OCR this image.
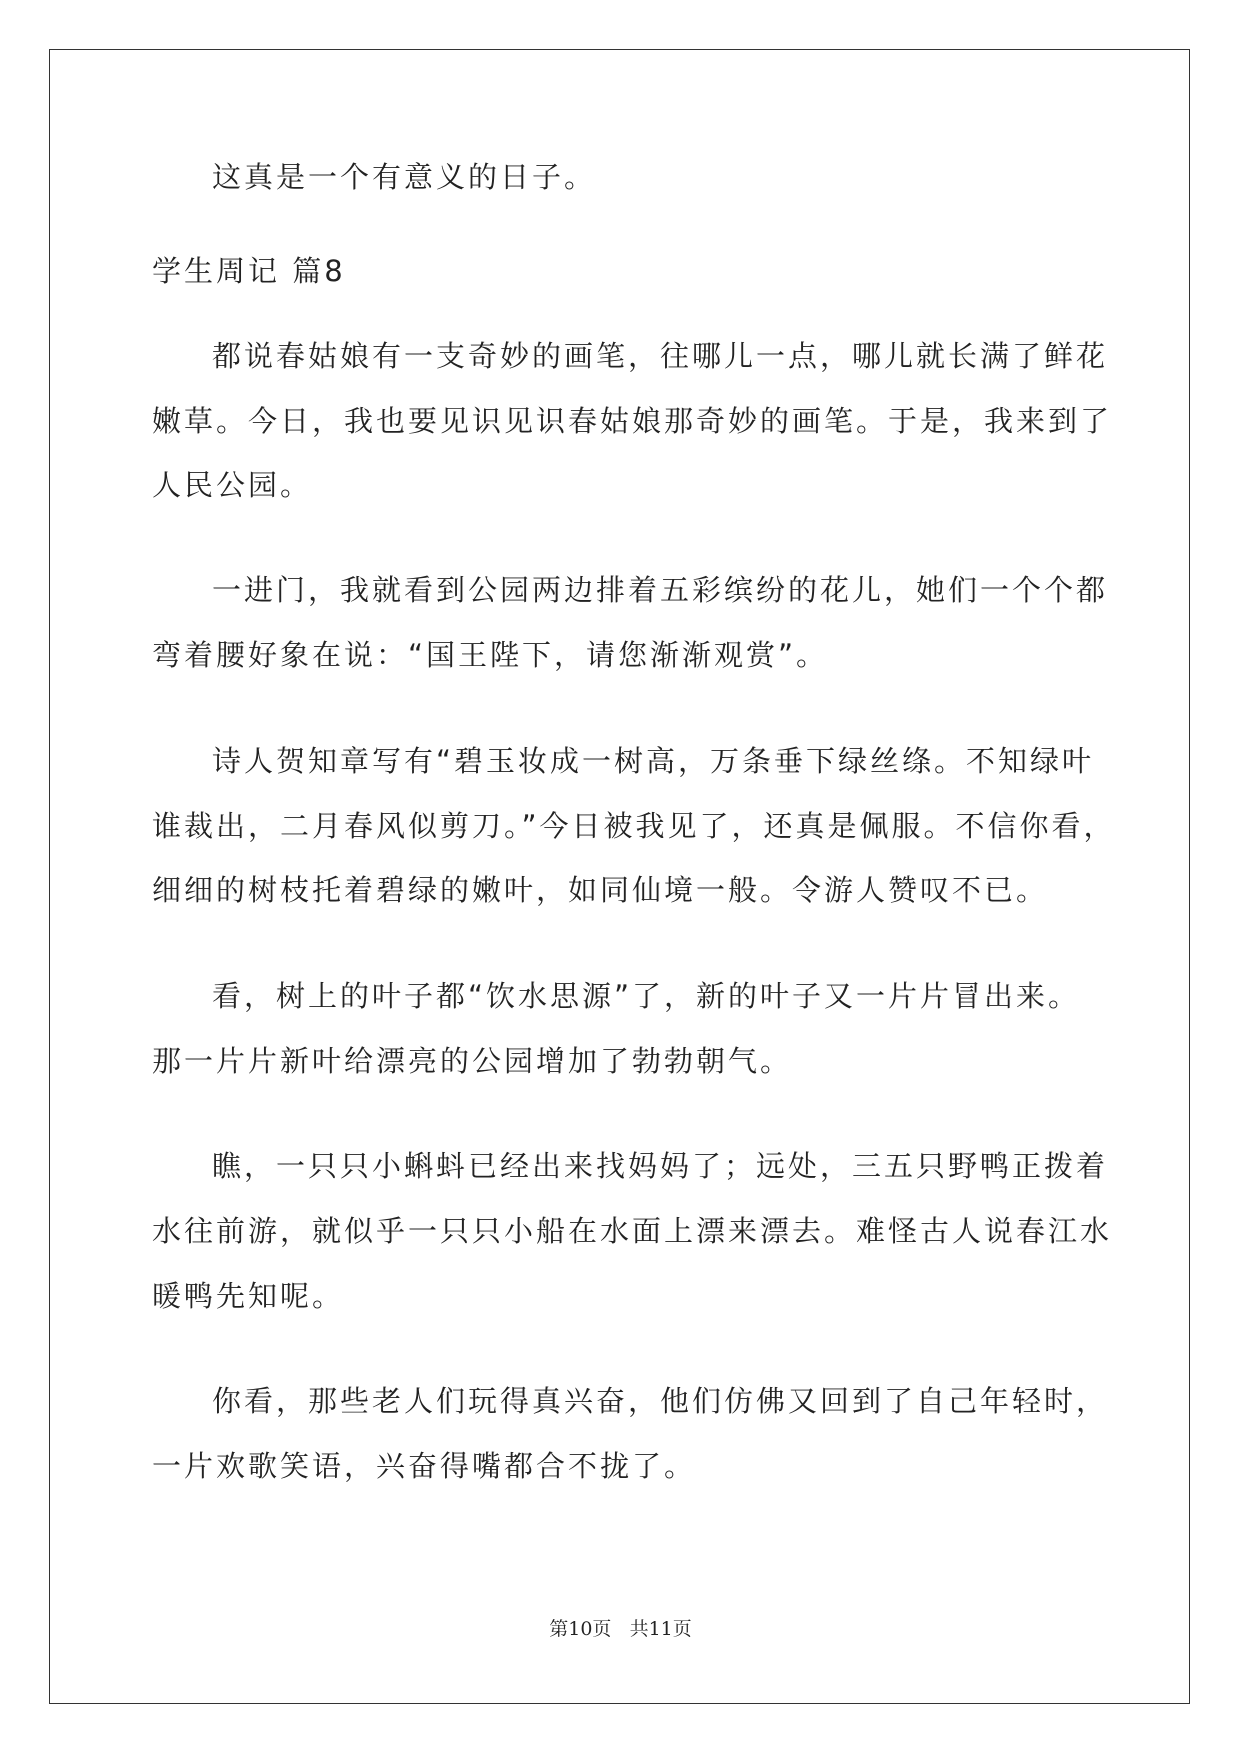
这真是一个有意义的日子。
学生周记 篇8
都说春姑娘有一支奇妙的画笔，往哪儿一点，哪儿就长满了鲜花
嫩草。今日，我也要见识见识春姑娘那奇妙的画笔。于是，我来到了
人民公园。
一进门，我就看到公园两边排着五彩缤纷的花儿，她们一个个都
弯着腰好象在说：“国王陛下，请您渐渐观赏”。
诗人贺知章写有“碧玉妆成一树高，万条垂下绿丝绦。不知绿叶
谁裁出，二月春风似剪刀。”今日被我见了，还真是佩服。不信你看，
细细的树枝托着碧绿的嫩叶，如同仙境一般。令游人赞叹不已。
看，树上的叶子都“饮水思源”了，新的叶子又一片片冒出来。
那一片片新叶给漂亮的公园增加了勃勃朝气。
瞧，一只只小蝌蚪已经出来找妈妈了；远处，三五只野鸭正拨着
水往前游，就似乎一只只小船在水面上漂来漂去。难怪古人说春江水
暖鸭先知呢。
你看，那些老人们玩得真兴奋，他们仿佛又回到了自己年轻时，
一片欢歌笑语，兴奋得嘴都合不拢了。
第10页 共11页
